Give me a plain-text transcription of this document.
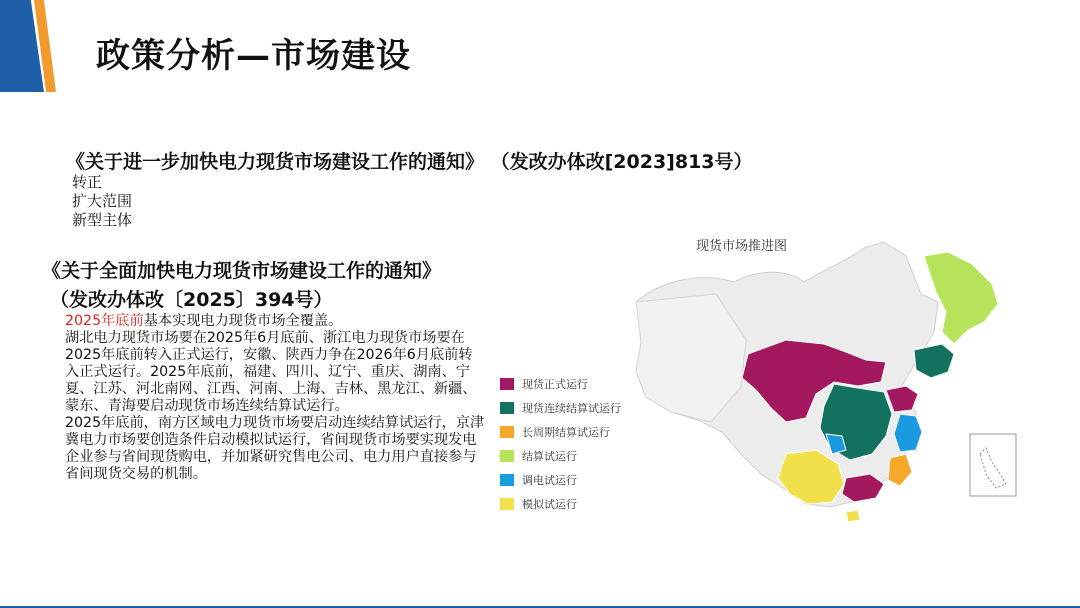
政策分析—市场建设
《关于进一步加快电力现货市场建设工作的通知》 （发改办体改[2023]813号）
转正
扩大范围
新型主体
《关于全面加快电力现货市场建设工作的通知》
（发改办体改〔2025〕394号）

2025年底前基本实现电力现货市场全覆盖。

湖北电力现货市场要在2025年6月底前、浙江电力现货市场要在2025年底前转入正式运行，安徽、陕西力争在2026年6月底前转入正式运行。2025年底前，福建、四川、辽宁、重庆、湖南、宁夏、江苏、河北南网、江西、河南、上海、吉林、黑龙江、新疆、蒙东、青海要启动现货市场连续结算试运行。

2025年底前，南方区域电力现货市场要启动连续结算试运行，京津冀电力市场要创造条件启动模拟试运行，省间现货市场要实现发电企业参与省间现货购电，并加紧研究售电公司、电力用户直接参与省间现货交易的机制。

现货市场推进图
现货正式运行
现货连续结算试运行
长周期结算试运行
结算试运行
调电试运行
模拟试运行
